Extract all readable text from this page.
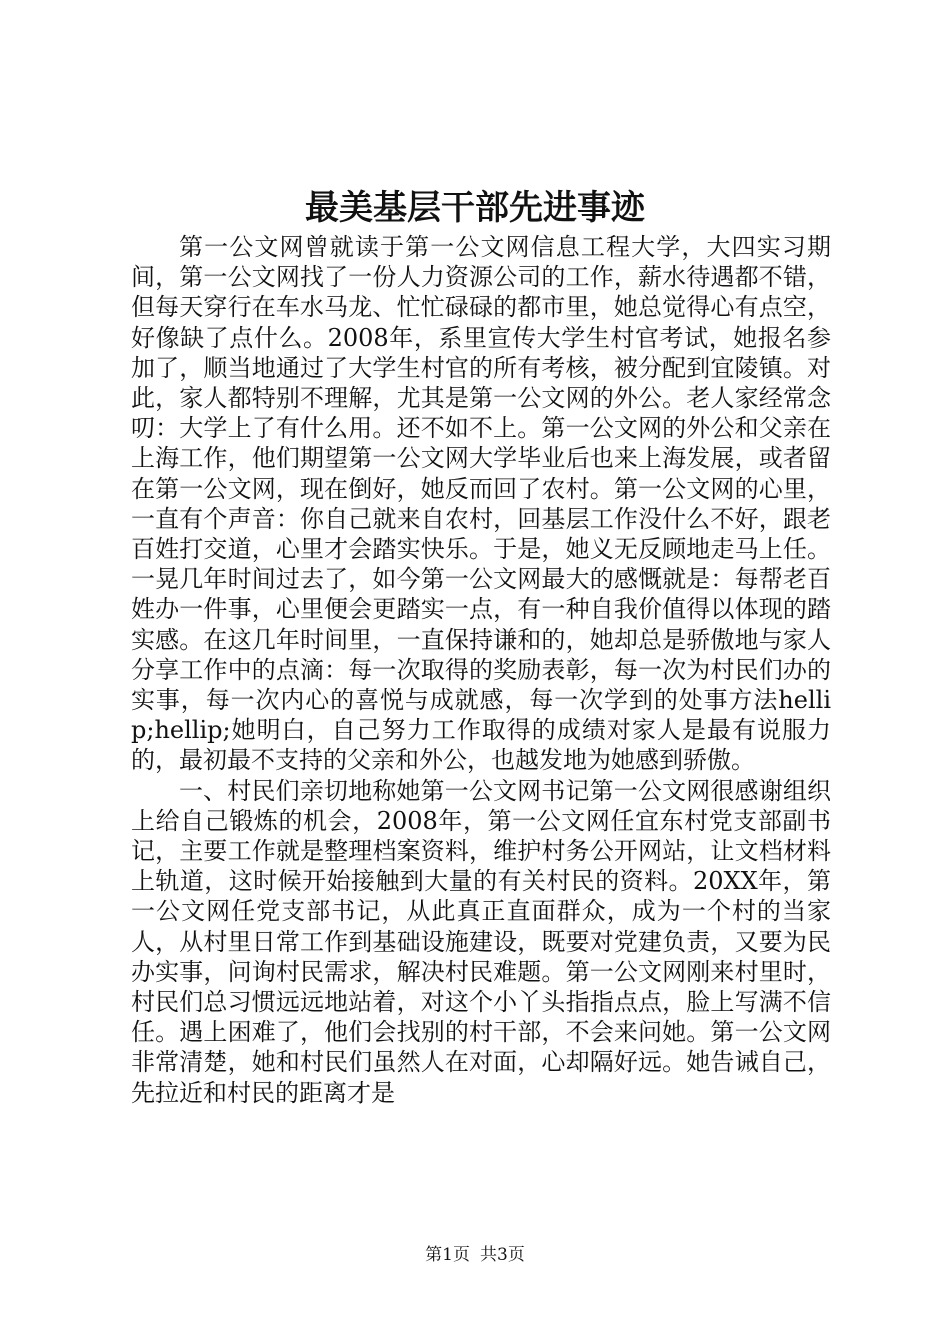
最美基层干部先进事迹

第一公文网曾就读于第一公文网信息工程大学，大四实习期间，第一公文网找了一份人力资源公司的工作，薪水待遇都不错，但每天穿行在车水马龙、忙忙碌碌的都市里，她总觉得心有点空，好像缺了点什么。2008年，系里宣传大学生村官考试，她报名参加了，顺当地通过了大学生村官的所有考核，被分配到宜陵镇。对此，家人都特别不理解，尤其是第一公文网的外公。老人家经常念叨：大学上了有什么用。还不如不上。第一公文网的外公和父亲在上海工作，他们期望第一公文网大学毕业后也来上海发展，或者留在第一公文网，现在倒好，她反而回了农村。第一公文网的心里，一直有个声音：你自己就来自农村，回基层工作没什么不好，跟老百姓打交道，心里才会踏实快乐。于是，她义无反顾地走马上任。一晃几年时间过去了，如今第一公文网最大的感慨就是：每帮老百姓办一件事，心里便会更踏实一点，有一种自我价值得以体现的踏实感。在这几年时间里，一直保持谦和的，她却总是骄傲地与家人分享工作中的点滴：每一次取得的奖励表彰，每一次为村民们办的实事，每一次内心的喜悦与成就感，每一次学到的处事方法hellip;hellip;她明白，自己努力工作取得的成绩对家人是最有说服力的，最初最不支持的父亲和外公，也越发地为她感到骄傲。

一、村民们亲切地称她第一公文网书记第一公文网很感谢组织上给自己锻炼的机会，2008年，第一公文网任宜东村党支部副书记，主要工作就是整理档案资料，维护村务公开网站，让文档材料上轨道，这时候开始接触到大量的有关村民的资料。20XX年，第一公文网任党支部书记，从此真正直面群众，成为一个村的当家人，从村里日常工作到基础设施建设，既要对党建负责，又要为民办实事，问询村民需求，解决村民难题。第一公文网刚来村里时，村民们总习惯远远地站着，对这个小丫头指指点点，脸上写满不信任。遇上困难了，他们会找别的村干部，不会来问她。第一公文网非常清楚，她和村民们虽然人在对面，心却隔好远。她告诫自己，先拉近和村民的距离才是

第1页 共3页
